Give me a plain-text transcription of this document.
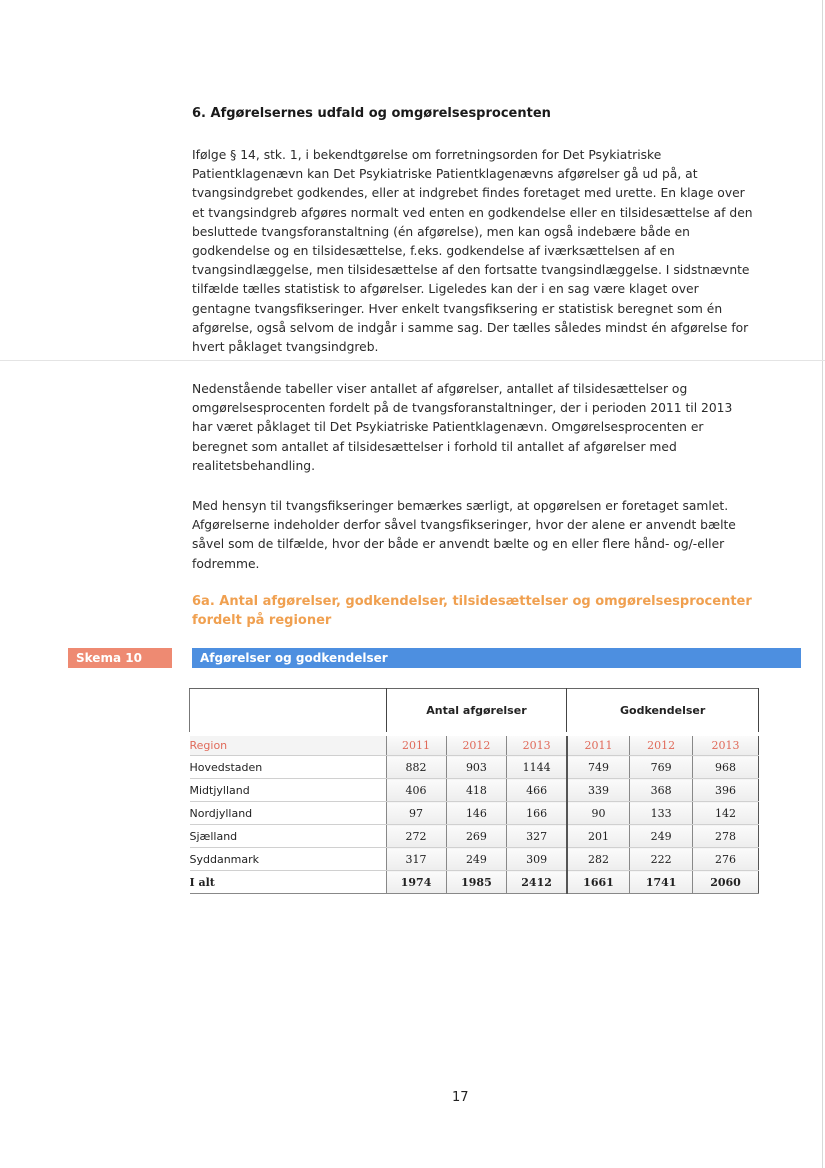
6. Afgørelsernes udfald og omgørelsesprocenten

Ifølge § 14, stk. 1, i bekendtgørelse om forretningsorden for Det Psykiatriske Patientklagenævn kan Det Psykiatriske Patientklagenævns afgørelser gå ud på, at tvangsindgrebet godkendes, eller at indgrebet findes foretaget med urette. En klage over et tvangsindgreb afgøres normalt ved enten en godkendelse eller en tilsidesættelse af den besluttede tvangsforanstaltning (én afgørelse), men kan også indebære både en godkendelse og en tilsidesættelse, f.eks. godkendelse af iværksættelsen af en tvangsindlæggelse, men tilsidesættelse af den fortsatte tvangsindlæggelse. I sidstnævnte tilfælde tælles statistisk to afgørelser. Ligeledes kan der i en sag være klaget over gentagne tvangsfikseringer. Hver enkelt tvangsfiksering er statistisk beregnet som én afgørelse, også selvom de indgår i samme sag. Der tælles således mindst én afgørelse for hvert påklaget tvangsindgreb.

Nedenstående tabeller viser antallet af afgørelser, antallet af tilsidesættelser og omgørelsesprocenten fordelt på de tvangsforanstaltninger, der i perioden 2011 til 2013 har været påklaget til Det Psykiatriske Patientklagenævn. Omgørelsesprocenten er beregnet som antallet af tilsidesættelser i forhold til antallet af afgørelser med realitetsbehandling.

Med hensyn til tvangsfikseringer bemærkes særligt, at opgørelsen er foretaget samlet. Afgørelserne indeholder derfor såvel tvangsfikseringer, hvor der alene er anvendt bælte såvel som de tilfælde, hvor der både er anvendt bælte og en eller flere hånd- og/-eller fodremme.

6a. Antal afgørelser, godkendelser, tilsidesættelser og omgørelsesprocenter fordelt på regioner
Skema 10	Afgørelser og godkendelser
	Antal afgørelser			Godkendelser		

Region	2011	2012	2013	2011	2012	2013
Hovedstaden	882	903	1144	749	769	968
Midtjylland	406	418	466	339	368	396
Nordjylland	97	146	166	90	133	142
Sjælland	272	269	327	201	249	278
Syddanmark	317	249	309	282	222	276
I alt	1974	1985	2412	1661	1741	2060
17
